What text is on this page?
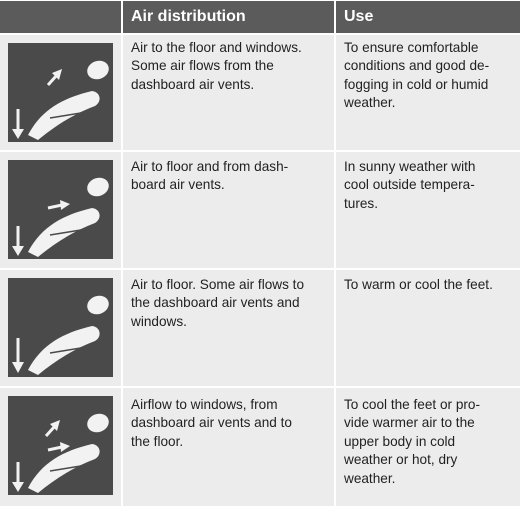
Air distribution	Use
Air to the floor and windows.
Some air flows from the
dashboard air vents.
To ensure comfortable
conditions and good de-
fogging in cold or humid
weather.
Air to floor and from dash-
board air vents.
In sunny weather with
cool outside tempera-
tures.
Air to floor. Some air flows to
the dashboard air vents and
windows.
To warm or cool the feet.
Airflow to windows, from
dashboard air vents and to
the floor.
To cool the feet or pro-
vide warmer air to the
upper body in cold
weather or hot, dry
weather.
